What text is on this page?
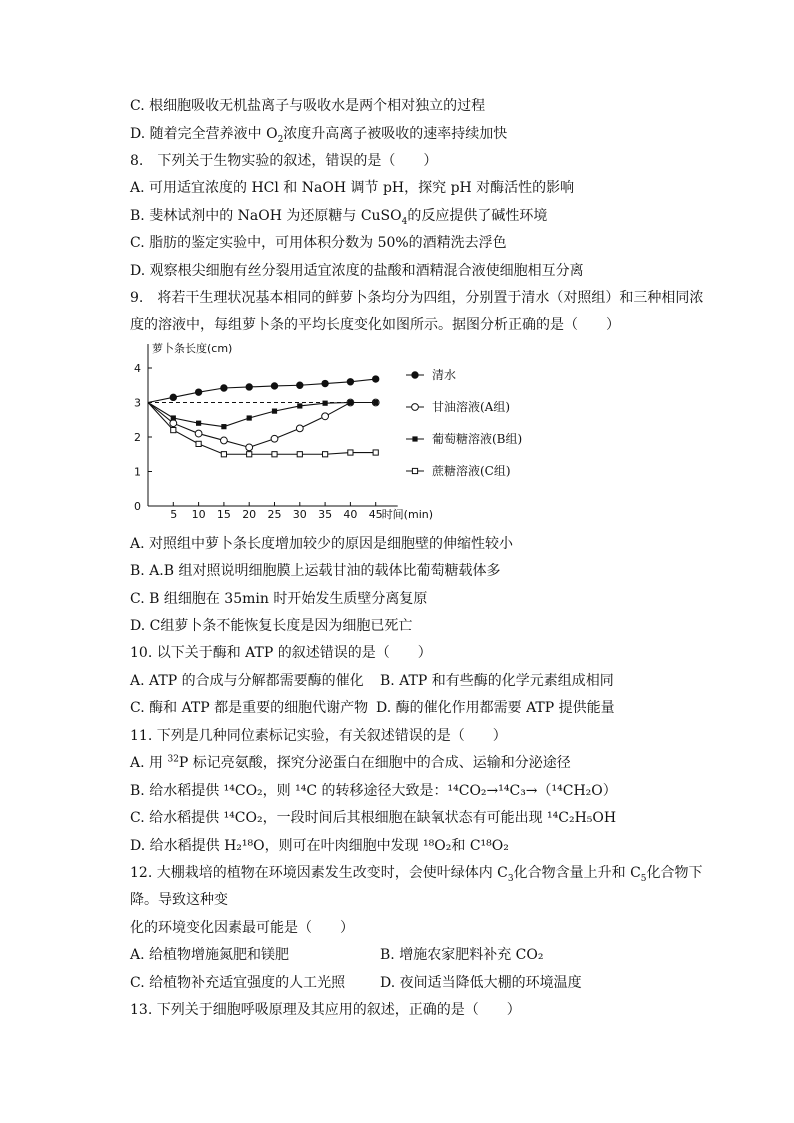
C. 根细胞吸收无机盐离子与吸收水是两个相对独立的过程
D. 随着完全营养液中 $O_2$浓度升高离子被吸收的速率持续加快
8.　下列关于生物实验的叙述，错误的是（　　）
A. 可用适宜浓度的 HCl 和 NaOH 调节 pH，探究 pH 对酶活性的影响
B. 斐林试剂中的 NaOH 为还原糖与 CuSO$_4$的反应提供了碱性环境
C. 脂肪的鉴定实验中，可用体积分数为 50%的酒精洗去浮色
D. 观察根尖细胞有丝分裂用适宜浓度的盐酸和酒精混合液使细胞相互分离
9.　将若干生理状况基本相同的鲜萝卜条均分为四组，分别置于清水（对照组）和三种相同浓
度的溶液中，每组萝卜条的平均长度变化如图所示。据图分析正确的是（　　）
萝卜条长度(cm)
时间(min)
0
1
2
3
4
5 10 15 20 25 30 35 40 45
清水
甘油溶液(A组)
葡萄糖溶液(B组)
蔗糖溶液(C组)
A. 对照组中萝卜条长度增加较少的原因是细胞壁的伸缩性较小
B. A.B 组对照说明细胞膜上运载甘油的载体比葡萄糖载体多
C. B 组细胞在 35min 时开始发生质壁分离复原
D. C组萝卜条不能恢复长度是因为细胞已死亡
10. 以下关于酶和 ATP 的叙述错误的是（　　）
A. ATP 的合成与分解都需要酶的催化 B. ATP 和有些酶的化学元素组成相同
C. 酶和 ATP 都是重要的细胞代谢产物 D. 酶的催化作用都需要 ATP 提供能量
11. 下列是几种同位素标记实验，有关叙述错误的是（　　）
A. 用 $^{32}$P 标记亮氨酸，探究分泌蛋白在细胞中的合成、运输和分泌途径
B. 给水稻提供 ¹⁴CO₂，则 ¹⁴C 的转移途径大致是：¹⁴CO₂→¹⁴C₃→（¹⁴CH₂O）
C. 给水稻提供 ¹⁴CO₂，一段时间后其根细胞在缺氧状态有可能出现 ¹⁴C₂H₅OH
D. 给水稻提供 H₂¹⁸O，则可在叶肉细胞中发现 ¹⁸O₂和 C¹⁸O₂
12. 大棚栽培的植物在环境因素发生改变时，会使叶绿体内 $C_3$化合物含量上升和 $C_5$化合物下
降。导致这种变
化的环境变化因素最可能是（　　）
A. 给植物增施氮肥和镁肥	B. 增施农家肥料补充 CO₂
C. 给植物补充适宜强度的人工光照 D. 夜间适当降低大棚的环境温度
13. 下列关于细胞呼吸原理及其应用的叙述，正确的是（　　）
